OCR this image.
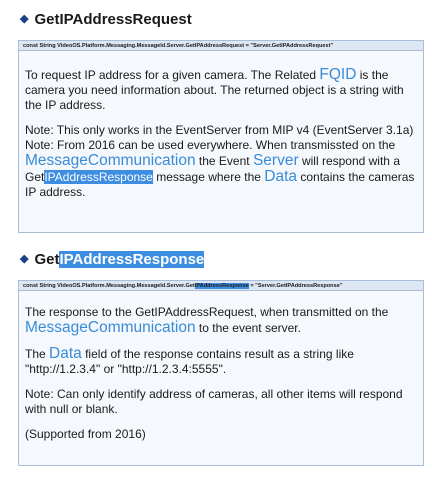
◆ GetIPAddressRequest
const String VideoOS.Platform.Messaging.MessageId.Server.GetIPAddressRequest = "Server.GetIPAddressRequest"

To request IP address for a given camera. The Related FQID is the camera you need information about. The returned object is a string with the IP address.

Note: This only works in the EventServer from MIP v4 (EventServer 3.1a)

Note: From 2016 can be used everywhere. When transmissted on the MessageCommunication the Event Server will respond with a GetIPAddressResponse message where the Data contains the cameras IP address.

◆ GetIPAddressResponse
const String VideoOS.Platform.Messaging.MessageId.Server.GetIPAddressResponse = "Server.GetIPAddressResponse"

The response to the GetIPAddressRequest, when transmitted on the MessageCommunication to the event server.

The Data field of the response contains result as a string like "http://1.2.3.4" or "http://1.2.3.4:5555".

Note: Can only identify address of cameras, all other items will respond with null or blank.

(Supported from 2016)
